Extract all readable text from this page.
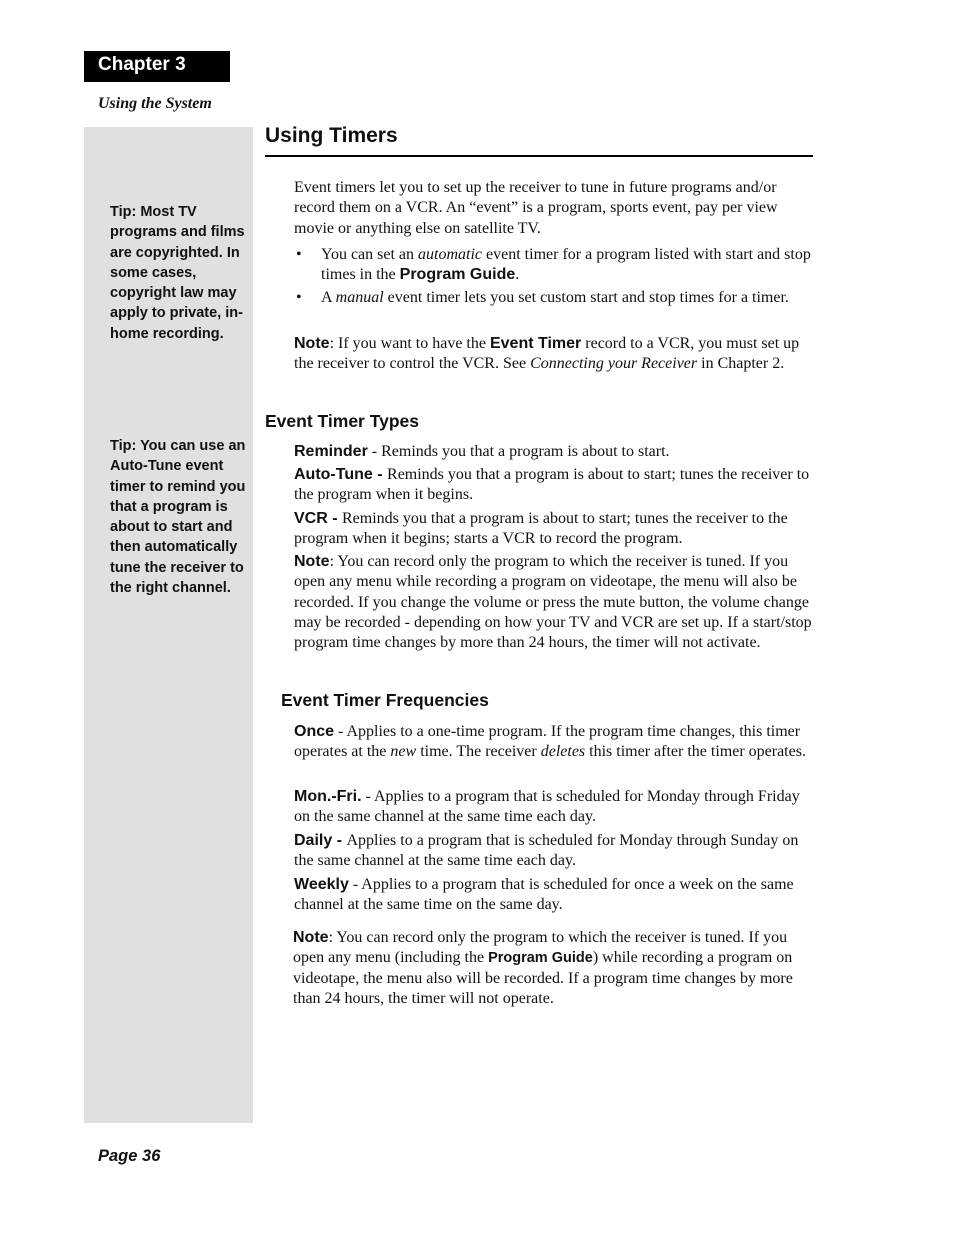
Chapter 3
Using the System
Tip: Most TV programs and films are copyrighted. In some cases, copyright law may apply to private, in-home recording.
Tip: You can use an Auto-Tune event timer to remind you that a program is about to start and then automatically tune the receiver to the right channel.
Using Timers

Event timers let you to set up the receiver to tune in future programs and/or record them on a VCR. An “event” is a program, sports event, pay per view movie or anything else on satellite TV.

• You can set an automatic event timer for a program listed with start and stop times in the Program Guide.
• A manual event timer lets you set custom start and stop times for a timer.

Note: If you want to have the Event Timer record to a VCR, you must set up the receiver to control the VCR. See Connecting your Receiver in Chapter 2.

Event Timer Types

Reminder - Reminds you that a program is about to start.

Auto-Tune - Reminds you that a program is about to start; tunes the receiver to the program when it begins.

VCR - Reminds you that a program is about to start; tunes the receiver to the program when it begins; starts a VCR to record the program.

Note: You can record only the program to which the receiver is tuned. If you open any menu while recording a program on videotape, the menu will also be recorded. If you change the volume or press the mute button, the volume change may be recorded - depending on how your TV and VCR are set up. If a start/stop program time changes by more than 24 hours, the timer will not activate.

Event Timer Frequencies

Once - Applies to a one-time program. If the program time changes, this timer operates at the new time. The receiver deletes this timer after the timer operates.

Mon.-Fri. - Applies to a program that is scheduled for Monday through Friday on the same channel at the same time each day.

Daily - Applies to a program that is scheduled for Monday through Sunday on the same channel at the same time each day.

Weekly - Applies to a program that is scheduled for once a week on the same channel at the same time on the same day.

Note: You can record only the program to which the receiver is tuned. If you open any menu (including the Program Guide) while recording a program on videotape, the menu also will be recorded. If a program time changes by more than 24 hours, the timer will not operate.

Page 36
